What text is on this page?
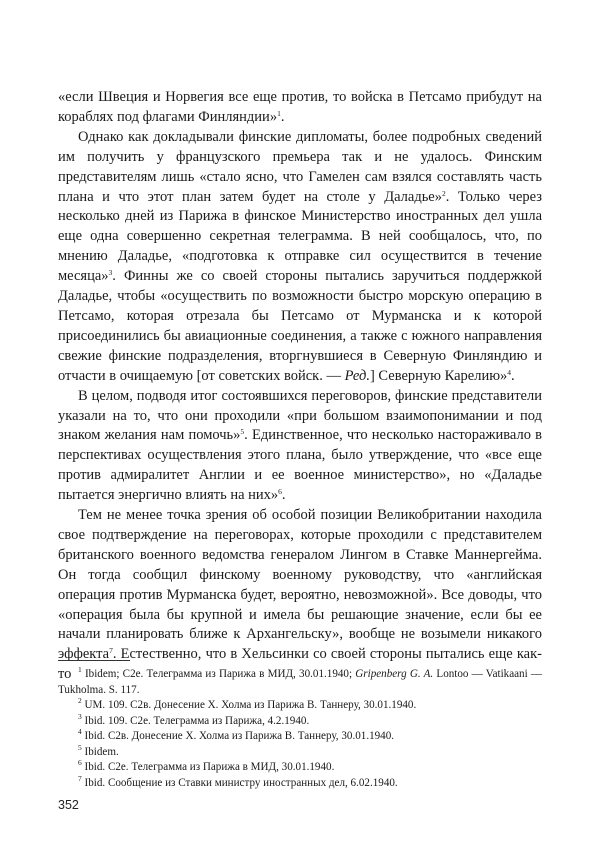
«если Швеция и Норвегия все еще против, то войска в Петсамо прибудут на кораблях под флагами Финляндии»$^1$.

Однако как докладывали финские дипломаты, более подробных сведений им получить у французского премьера так и не удалось. Финским представителям лишь «стало ясно, что Гамелен сам взялся составлять часть плана и что этот план затем будет на столе у Даладье»$^2$. Только через несколько дней из Парижа в финское Министерство иностранных дел ушла еще одна совершенно секретная телеграмма. В ней сообщалось, что, по мнению Даладье, «подготовка к отправке сил осуществится в течение месяца»$^3$. Финны же со своей стороны пытались заручиться поддержкой Даладье, чтобы «осуществить по возможности быстро морскую операцию в Петсамо, которая отрезала бы Петсамо от Мурманска и к которой присоединились бы авиационные соединения, а также с южного направления свежие финские подразделения, вторгнувшиеся в Северную Финляндию и отчасти в очищаемую [от советских войск. — Ред.] Северную Карелию»$^4$.

В целом, подводя итог состоявшихся переговоров, финские представители указали на то, что они проходили «при большом взаимопонимании и под знаком желания нам помочь»$^5$. Единственное, что несколько настораживало в перспективах осуществления этого плана, было утверждение, что «все еще против адмиралитет Англии и ее военное министерство», но «Даладье пытается энергично влиять на них»$^6$.

Тем не менее точка зрения об особой позиции Великобритании находила свое подтверждение на переговорах, которые проходили с представителем британского военного ведомства генералом Лингом в Ставке Маннергейма. Он тогда сообщил финскому военному руководству, что «английская операция против Мурманска будет, вероятно, невозможной». Все доводы, что «операция была бы крупной и имела бы решающие значение, если бы ее начали планировать ближе к Архангельску», вообще не возымели никакого эффекта$^7$. Естественно, что в Хельсинки со своей стороны пытались еще как-то $^1$ Ibidem; C2e. Телеграмма из Парижа в МИД, 30.01.1940; Gripenberg G. A. Lontoo — Vatikaani — Tukholma. S. 117.

$^2$ UM. 109. C2в. Донесение Х. Холма из Парижа В. Таннеру, 30.01.1940.

$^3$ Ibid. 109. C2e. Телеграмма из Парижа, 4.2.1940.

$^4$ Ibid. C2в. Донесение Х. Холма из Парижа В. Таннеру, 30.01.1940.

$^5$ Ibidem.

$^6$ Ibid. C2e. Телеграмма из Парижа в МИД, 30.01.1940.

$^7$ Ibid. Сообщение из Ставки министру иностранных дел, 6.02.1940.

352
